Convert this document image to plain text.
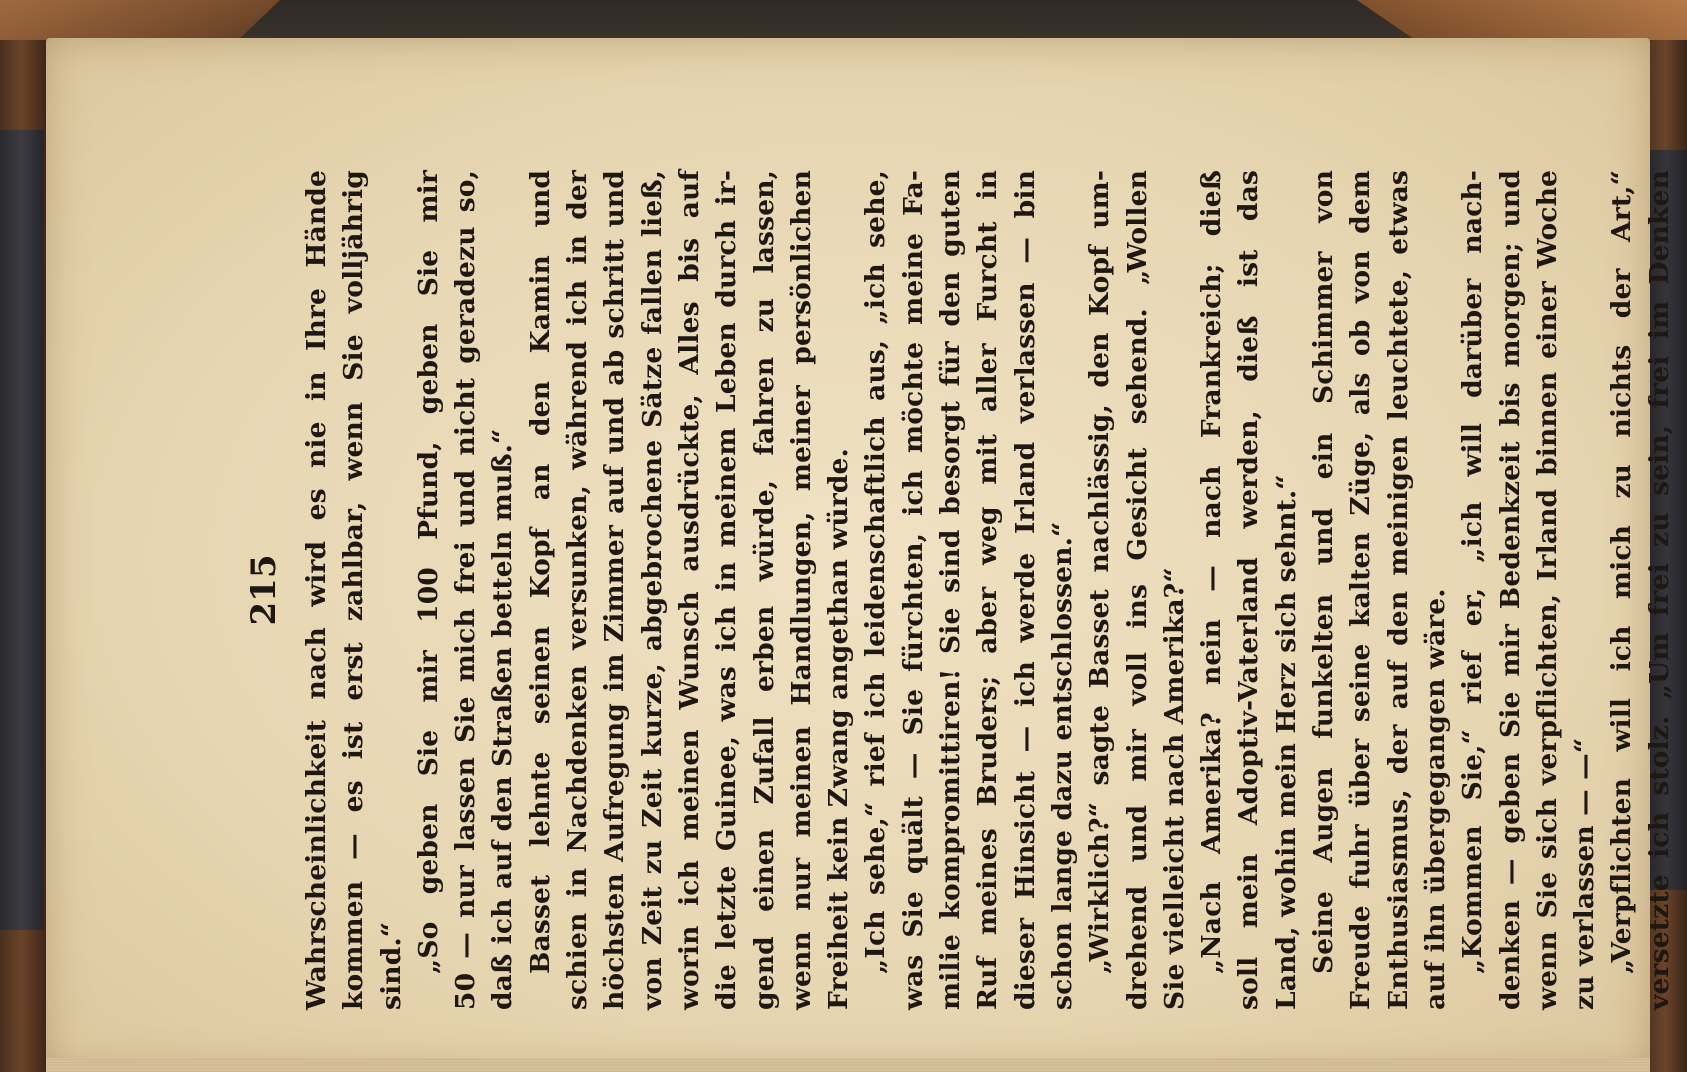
215 Wahrscheinlichkeit nach wird es nie in Ihre Hände kommen — es ist erst zahlbar, wenn Sie volljährig sind.“ „So geben Sie mir 100 Pfund, geben Sie mir 50 — nur lassen Sie mich frei und nicht geradezu so, daß ich auf den Straßen betteln muß.“ Basset lehnte seinen Kopf an den Kamin und schien in Nachdenken versunken, während ich in der höchsten Aufregung im Zimmer auf und ab schritt und von Zeit zu Zeit kurze, abgebrochene Sätze fallen ließ, worin ich meinen Wunsch ausdrückte, Alles bis auf die letzte Guinee, was ich in meinem Leben durch ir- gend einen Zufall erben würde, fahren zu lassen, wenn nur meinen Handlungen, meiner persönlichen Freiheit kein Zwang angethan würde. „Ich sehe,“ rief ich leidenschaftlich aus, „ich sehe, was Sie quält — Sie fürchten, ich möchte meine Fa- milie kompromittiren! Sie sind besorgt für den guten Ruf meines Bruders; aber weg mit aller Furcht in dieser Hinsicht — ich werde Irland verlassen — bin schon lange dazu entschlossen.“ „Wirklich?“ sagte Basset nachlässig, den Kopf um- drehend und mir voll ins Gesicht sehend. „Wollen Sie vielleicht nach Amerika?“ „Nach Amerika? nein — nach Frankreich; dieß soll mein Adoptiv-Vaterland werden, dieß ist das Land, wohin mein Herz sich sehnt.“ Seine Augen funkelten und ein Schimmer von Freude fuhr über seine kalten Züge, als ob von dem Enthusiasmus, der auf den meinigen leuchtete, etwas auf ihn übergegangen wäre. „Kommen Sie,“ rief er, „ich will darüber nach- denken — geben Sie mir Bedenkzeit bis morgen; und wenn Sie sich verpflichten, Irland binnen einer Woche zu verlassen — —“ „Verpflichten will ich mich zu nichts der Art,“ versetzte ich stolz. „Um frei zu sein, frei im Denken
